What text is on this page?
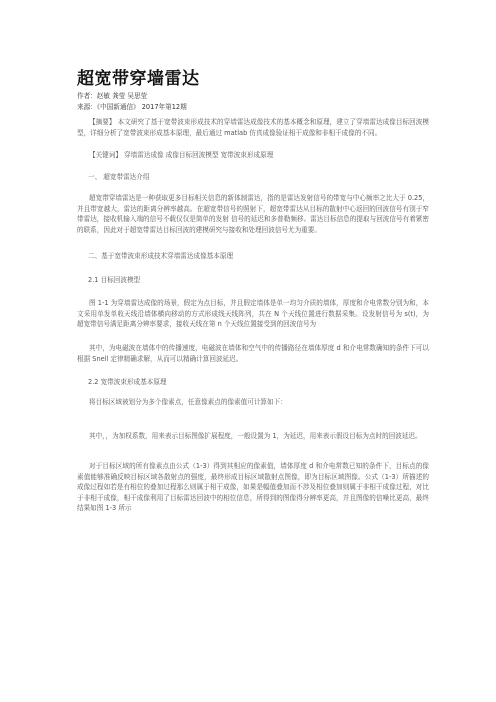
超宽带穿墙雷达
作者：赵敏 龚莹 吴思莹
来源：《中国新通信》 2017年第12期

【摘要】 本文研究了基于宽带波束形成技术的穿墙雷达成像技术的基本概念和原理，建立了穿墙雷达成像目标回波模型，详细分析了宽带波束形成基本原理，最后通过 matlab 仿真成像验证相干成像和非相干成像的不同。

【关键词】 穿墙雷达成像 成像目标回波模型 宽带波束形成原理

一、 超宽带雷达介绍

超宽带穿墙雷达是一种获取更多目标相关信息的新体制雷达，指的是雷达发射信号的带宽与中心频率之比大于 0.25，并且带宽越大，雷达的距离分辨率越高。在超宽带信号的照射下，超宽带雷达从目标的散射中心返回的回波信号有别于窄带雷达，接收机输入端的信号不载仅仅是简单的发射 信号的延迟和多普勒频移。雷达目标信息的提取与回波信号有着紧密的联系，因此对于超宽带雷达目标回波的建模研究与接收和处理回波信号尤为重要。

二、基于宽带波束形成技术穿墙雷达成像基本原理
2.1 目标回波模型

图 1-1 为穿墙雷达成像的场景，假定为点目标，并且假定墙体是单一均匀介质的墙体，厚度和介电常数分别为和，本文采用单发单收天线沿墙体横向移动的方式形成线天线阵列，共在 N 个天线位置进行数据采集。设发射信号为 s(t)，为超宽带信号满足距离分辨率要求，接收天线在第 n 个天线位置接受到的回波信号为

其中，为电磁波在墙体中的传播速度，电磁波在墙体和空气中的传播路径在墙体厚度 d 和介电常数确知的条件下可以根据 Snell 定律精确求解，从而可以精确计算回波延迟。

2.2 宽带波束形成基本原理

将目标区域被划分为多个像素点，任意像素点的像素值可计算如下：

其中，，为加权系数，用来表示目标图像扩展程度，一般设置为 1，为延迟，用来表示假设目标为点时的回波延迟。

对于目标区域的所有像素点由公式（1-3）得到其相应的像素值，墙体厚度 d 和介电常数已知的条件下，目标点的像素值能够准确反映目标区域各散射点的强度，最终形成目标区域散射点图像，即为目标区域图像。公式（1-3）所描述的成像过程如若是有相位的叠加过程那么则属于相干成像，如果是幅值叠加而不涉及相位叠加则属于非相干成像过程，对比于非相干成像，相干成像利用了目标雷达回波中的相位信息，所得到的图像得分辨率更高，并且图像的信噪比更高，最终结果如图 1-3 所示
